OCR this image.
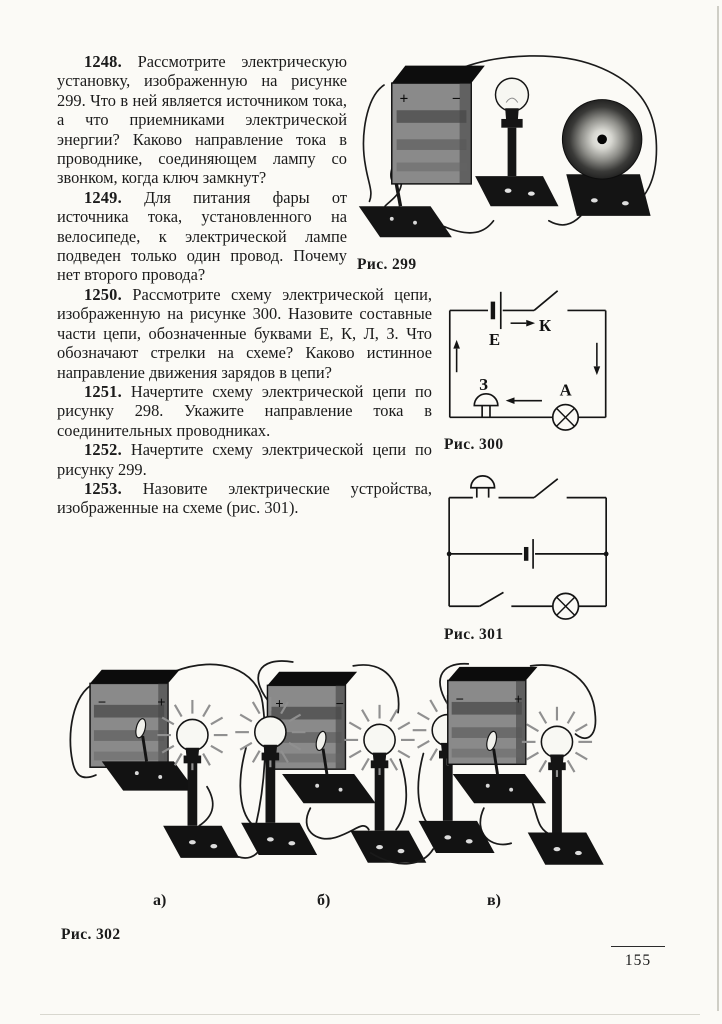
+	−
Рис. 299
Е
К
З	А
Рис. 300
Рис. 301

1248. Рассмотрите электрическую установку, изображенную на рисунке 299. Что в ней является источником тока, а что приемниками электрической энергии? Каково направление тока в проводнике, соединяющем лампу со звонком, когда ключ замкнут?

1249. Для питания фары от источника тока, установленного на велосипеде, к электрической лампе подведен только один провод. Почему нет второго провода?

1250. Рассмотрите схему электрической цепи, изображенную на рисунке 300. Назовите составные части цепи, обозначенные буквами Е, К, Л, З. Что обозначают стрелки на схеме? Каково истинное направление движения зарядов в цепи?

1251. Начертите схему электрической цепи по рисунку 298. Укажите направление тока в соединительных проводниках.

1252. Начертите схему электрической цепи по рисунку 299.

1253. Назовите электрические устройства, изображенные на схеме (рис. 301).

−	+	+	−	−	+
а)	б)	в)
Рис. 302
155
